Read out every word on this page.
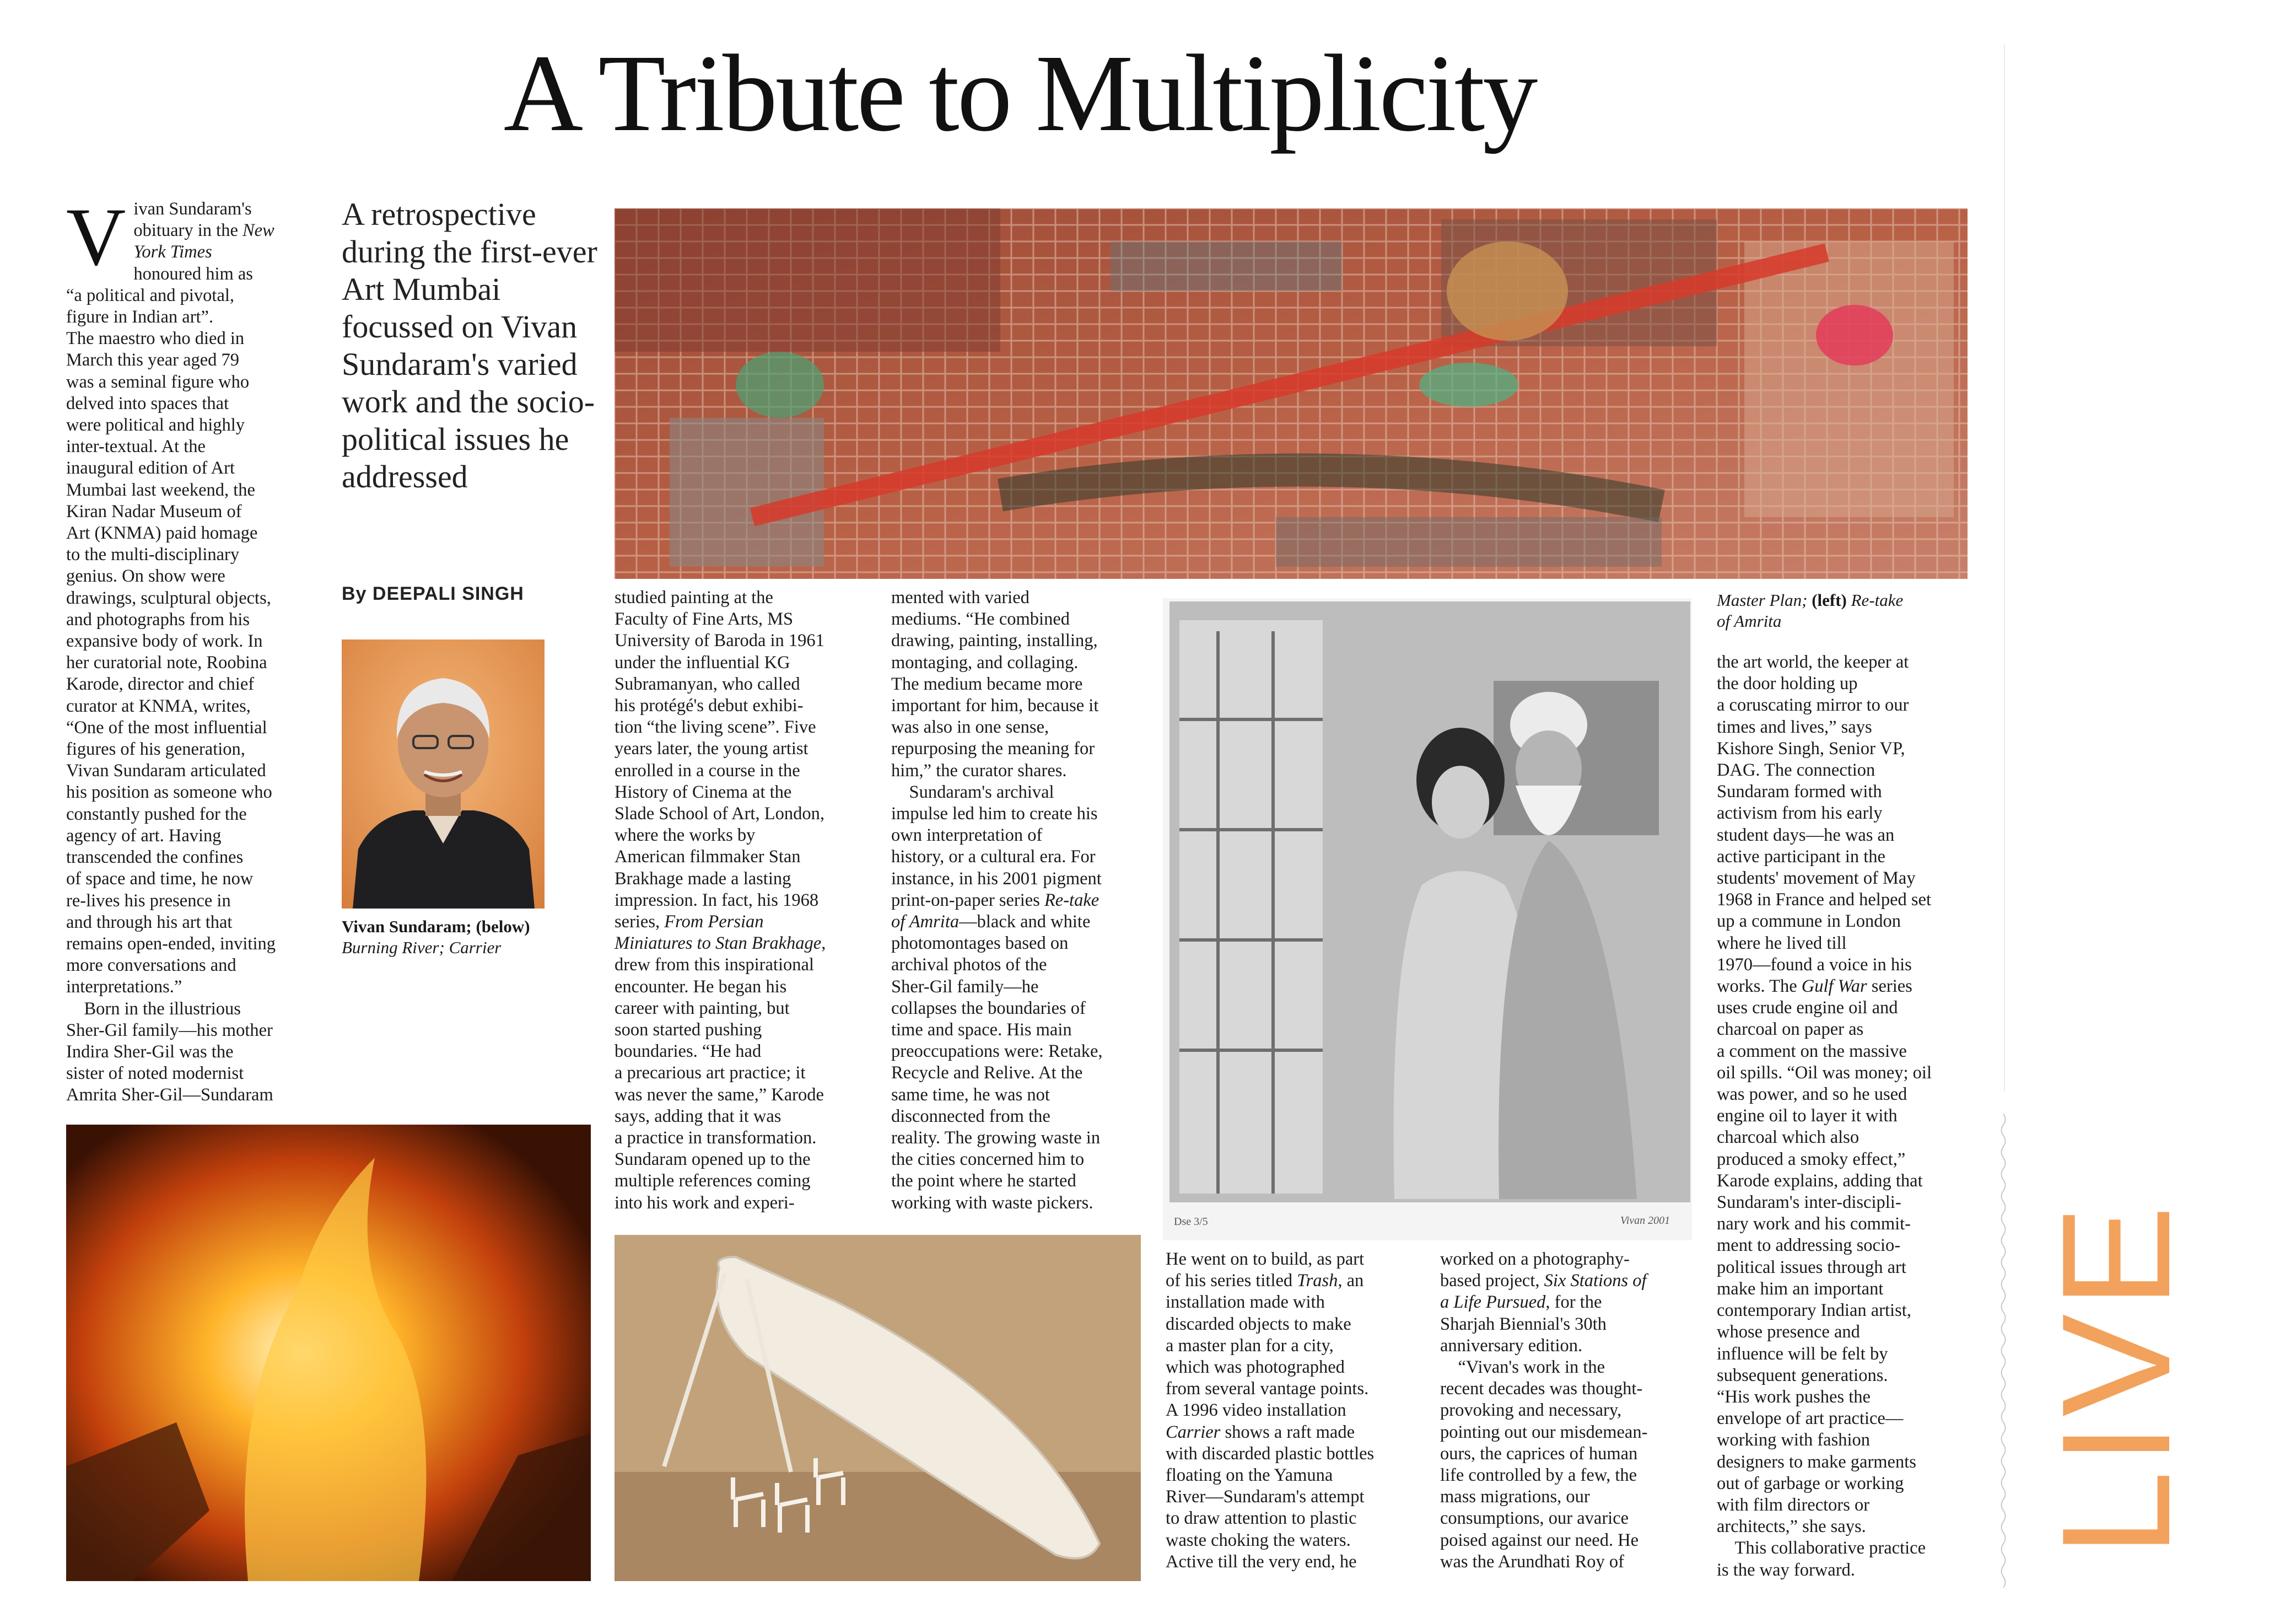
A Tribute to Multiplicity
Vivan Sundaram's
obituary in the New
York Times
honoured him as
“a political and pivotal,
figure in Indian art”.
The maestro who died in
March this year aged 79
was a seminal figure who
delved into spaces that
were political and highly
inter-textual. At the
inaugural edition of Art
Mumbai last weekend, the
Kiran Nadar Museum of
Art (KNMA) paid homage
to the multi-disciplinary
genius. On show were
drawings, sculptural objects,
and photographs from his
expansive body of work. In
her curatorial note, Roobina
Karode, director and chief
curator at KNMA, writes,
“One of the most influential
figures of his generation,
Vivan Sundaram articulated
his position as someone who
constantly pushed for the
agency of art. Having
transcended the confines
of space and time, he now
re-lives his presence in
and through his art that
remains open-ended, inviting
more conversations and
interpretations.”
 Born in the illustrious
Sher-Gil family—his mother
Indira Sher-Gil was the
sister of noted modernist
Amrita Sher-Gil—Sundaram
A retrospective during the first-ever Art Mumbai focussed on Vivan Sundaram's varied work and the socio-political issues he addressed
By DEEPALI SINGH
Vivan Sundaram; (below)
Burning River; Carrier
Dse 3/5	Vivan 2001
Master Plan; (left) Re-take
of Amrita
studied painting at the
Faculty of Fine Arts, MS
University of Baroda in 1961
under the influential KG
Subramanyan, who called
his protégé's debut exhibi-
tion “the living scene”. Five
years later, the young artist
enrolled in a course in the
History of Cinema at the
Slade School of Art, London,
where the works by
American filmmaker Stan
Brakhage made a lasting
impression. In fact, his 1968
series, From Persian
Miniatures to Stan Brakhage,
drew from this inspirational
encounter. He began his
career with painting, but
soon started pushing
boundaries. “He had
a precarious art practice; it
was never the same,” Karode
says, adding that it was
a practice in transformation.
Sundaram opened up to the
multiple references coming
into his work and experi-
mented with varied
mediums. “He combined
drawing, painting, installing,
montaging, and collaging.
The medium became more
important for him, because it
was also in one sense,
repurposing the meaning for
him,” the curator shares.
 Sundaram's archival
impulse led him to create his
own interpretation of
history, or a cultural era. For
instance, in his 2001 pigment
print-on-paper series Re-take
of Amrita—black and white
photomontages based on
archival photos of the
Sher-Gil family—he
collapses the boundaries of
time and space. His main
preoccupations were: Retake,
Recycle and Relive. At the
same time, he was not
disconnected from the
reality. The growing waste in
the cities concerned him to
the point where he started
working with waste pickers.
He went on to build, as part
of his series titled Trash, an
installation made with
discarded objects to make
a master plan for a city,
which was photographed
from several vantage points.
A 1996 video installation
Carrier shows a raft made
with discarded plastic bottles
floating on the Yamuna
River—Sundaram's attempt
to draw attention to plastic
waste choking the waters.
Active till the very end, he
worked on a photography-
based project, Six Stations of
a Life Pursued, for the
Sharjah Biennial's 30th
anniversary edition.
 “Vivan's work in the
recent decades was thought-
provoking and necessary,
pointing out our misdemean-
ours, the caprices of human
life controlled by a few, the
mass migrations, our
consumptions, our avarice
poised against our need. He
was the Arundhati Roy of
the art world, the keeper at
the door holding up
a coruscating mirror to our
times and lives,” says
Kishore Singh, Senior VP,
DAG. The connection
Sundaram formed with
activism from his early
student days—he was an
active participant in the
students' movement of May
1968 in France and helped set
up a commune in London
where he lived till
1970—found a voice in his
works. The Gulf War series
uses crude engine oil and
charcoal on paper as
a comment on the massive
oil spills. “Oil was money; oil
was power, and so he used
engine oil to layer it with
charcoal which also
produced a smoky effect,”
Karode explains, adding that
Sundaram's inter-discipli-
nary work and his commit-
ment to addressing socio-
political issues through art
make him an important
contemporary Indian artist,
whose presence and
influence will be felt by
subsequent generations.
“His work pushes the
envelope of art practice—
working with fashion
designers to make garments
out of garbage or working
with film directors or
architects,” she says.
 This collaborative practice
is the way forward.
LIVE
